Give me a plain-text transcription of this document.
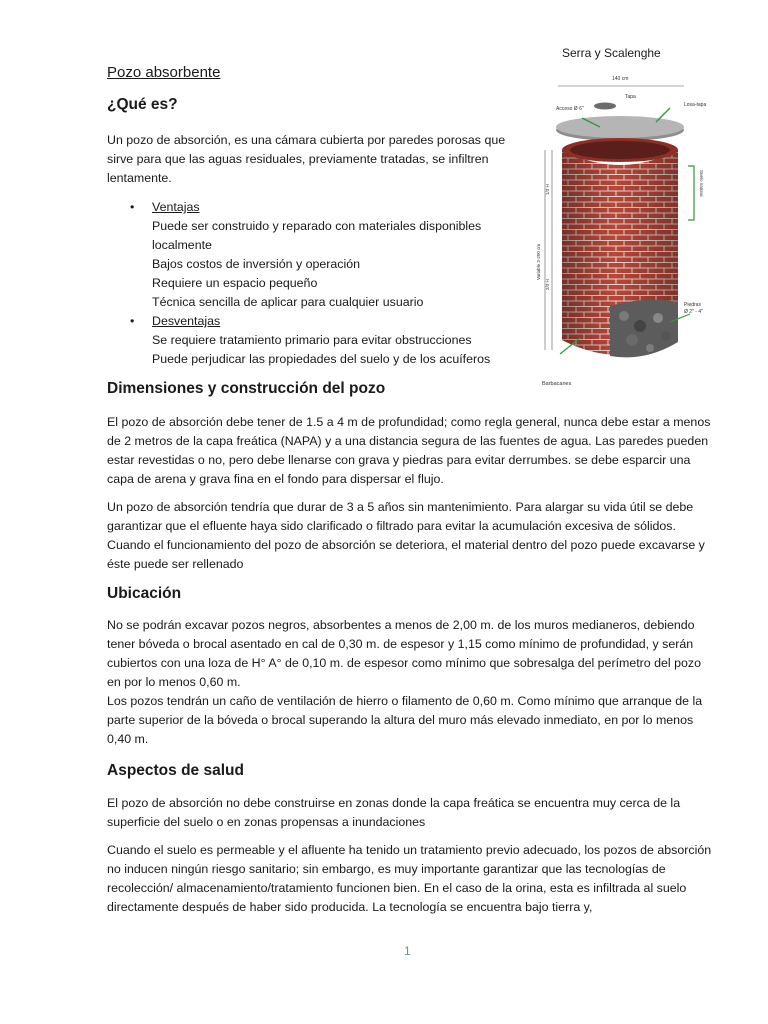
Serra y Scalenghe

Pozo absorbente

¿Qué es?

Un pozo de absorción, es una cámara cubierta por paredes porosas que sirve para que las aguas residuales, previamente tratadas, se infiltren lentamente.

• Ventajas
Puede ser construido y reparado con materiales disponibles localmente
Bajos costos de inversión y operación
Requiere un espacio pequeño
Técnica sencilla de aplicar para cualquier usuario
• Desventajas
Se requiere tratamiento primario para evitar obstrucciones
Puede perjudicar las propiedades del suelo y de los acuíferos
140 cm
Tapa
Acceso Ø 6"
Losa-tapa
Variable 2-200 cm
1/3 H
2/3 H
Suelo natural
Piedras
Ø 2" - 4"
Barbacanes

Dimensiones y construcción del pozo

El pozo de absorción debe tener de 1.5 a 4 m de profundidad; como regla general, nunca debe estar a menos de 2 metros de la capa freática (NAPA) y a una distancia segura de las fuentes de agua. Las paredes pueden estar revestidas o no, pero debe llenarse con grava y piedras para evitar derrumbes. se debe esparcir una capa de arena y grava fina en el fondo para dispersar el flujo.

Un pozo de absorción tendría que durar de 3 a 5 años sin mantenimiento. Para alargar su vida útil se debe garantizar que el efluente haya sido clarificado o filtrado para evitar la acumulación excesiva de sólidos. Cuando el funcionamiento del pozo de absorción se deteriora, el material dentro del pozo puede excavarse y éste puede ser rellenado

Ubicación

No se podrán excavar pozos negros, absorbentes a menos de 2,00 m. de los muros medianeros, debiendo tener bóveda o brocal asentado en cal de 0,30 m. de espesor y 1,15 como mínimo de profundidad, y serán cubiertos con una loza de H° A° de 0,10 m. de espesor como mínimo que sobresalga del perímetro del pozo en por lo menos 0,60 m.

Los pozos tendrán un caño de ventilación de hierro o filamento de 0,60 m. Como mínimo que arranque de la parte superior de la bóveda o brocal superando la altura del muro más elevado inmediato, en por lo menos 0,40 m.

Aspectos de salud

El pozo de absorción no debe construirse en zonas donde la capa freática se encuentra muy cerca de la superficie del suelo o en zonas propensas a inundaciones

Cuando el suelo es permeable y el afluente ha tenido un tratamiento previo adecuado, los pozos de absorción no inducen ningún riesgo sanitario; sin embargo, es muy importante garantizar que las tecnologías de recolección/ almacenamiento/tratamiento funcionen bien. En el caso de la orina, esta es infiltrada al suelo directamente después de haber sido producida. La tecnología se encuentra bajo tierra y,

1
